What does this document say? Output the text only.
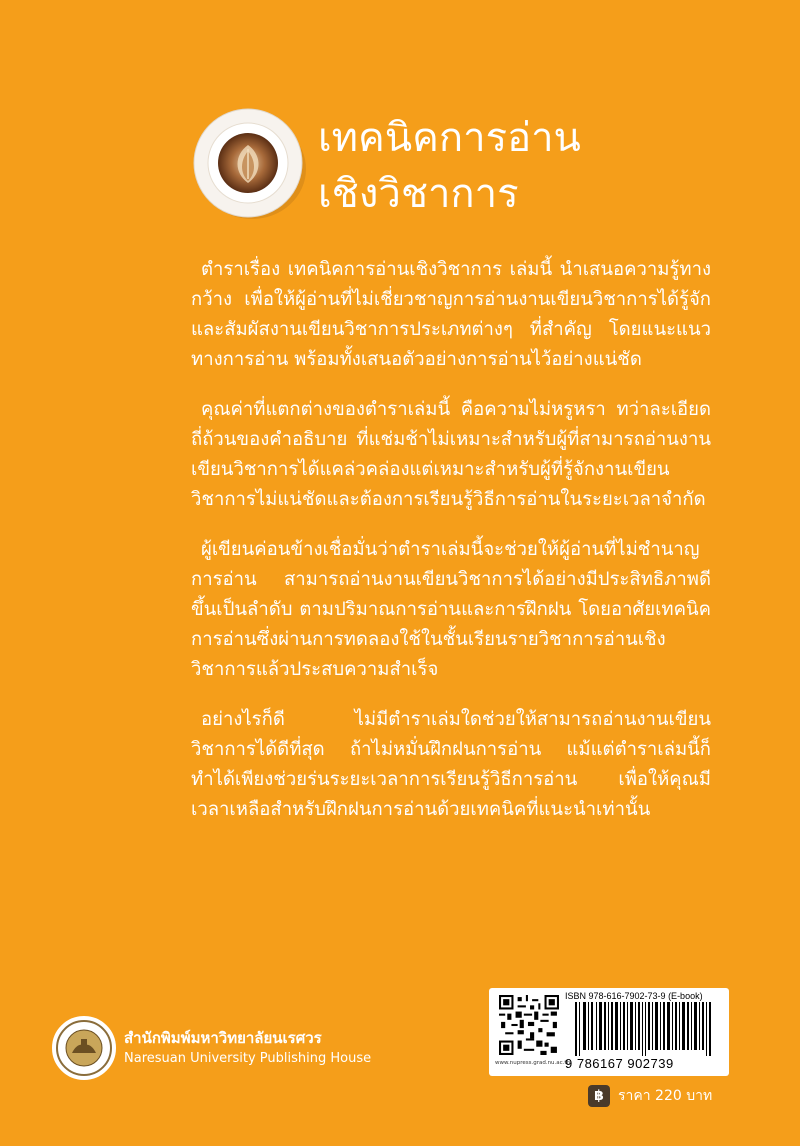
เทคนิคการอ่าน
เชิงวิชาการ

ตำราเรื่อง เทคนิคการอ่านเชิงวิชาการ เล่มนี้ นำเสนอความรู้ทางกว้าง เพื่อให้ผู้อ่านที่ไม่เชี่ยวชาญการอ่านงานเขียนวิชาการได้รู้จักและสัมผัสงานเขียนวิชาการประเภทต่างๆ ที่สำคัญ โดยแนะแนวทางการอ่าน พร้อมทั้งเสนอตัวอย่างการอ่านไว้อย่างแน่ชัด

คุณค่าที่แตกต่างของตำราเล่มนี้ คือความไม่หรูหรา ทว่าละเอียดถี่ถ้วนของคำอธิบาย ที่แช่มช้าไม่เหมาะสำหรับผู้ที่สามารถอ่านงานเขียนวิชาการได้แคล่วคล่องแต่เหมาะสำหรับผู้ที่รู้จักงานเขียนวิชาการไม่แน่ชัดและต้องการเรียนรู้วิธีการอ่านในระยะเวลาจำกัด

ผู้เขียนค่อนข้างเชื่อมั่นว่าตำราเล่มนี้จะช่วยให้ผู้อ่านที่ไม่ชำนาญการอ่าน สามารถอ่านงานเขียนวิชาการได้อย่างมีประสิทธิภาพดีขึ้นเป็นลำดับ ตามปริมาณการอ่านและการฝึกฝน โดยอาศัยเทคนิคการอ่านซึ่งผ่านการทดลองใช้ในชั้นเรียนรายวิชาการอ่านเชิงวิชาการแล้วประสบความสำเร็จ

อย่างไรก็ดี ไม่มีตำราเล่มใดช่วยให้สามารถอ่านงานเขียนวิชาการได้ดีที่สุด ถ้าไม่หมั่นฝึกฝนการอ่าน แม้แต่ตำราเล่มนี้ก็ทำได้เพียงช่วยร่นระยะเวลาการเรียนรู้วิธีการอ่าน เพื่อให้คุณมีเวลาเหลือสำหรับฝึกฝนการอ่านด้วยเทคนิคที่แนะนำเท่านั้น

สำนักพิมพ์มหาวิทยาลัยนเรศวร
Naresuan University Publishing House	www.nupress.grad.nu.ac.th
ISBN 978-616-7902-73-9 (E-book)
9 786167 902739
฿	ราคา 220 บาท
